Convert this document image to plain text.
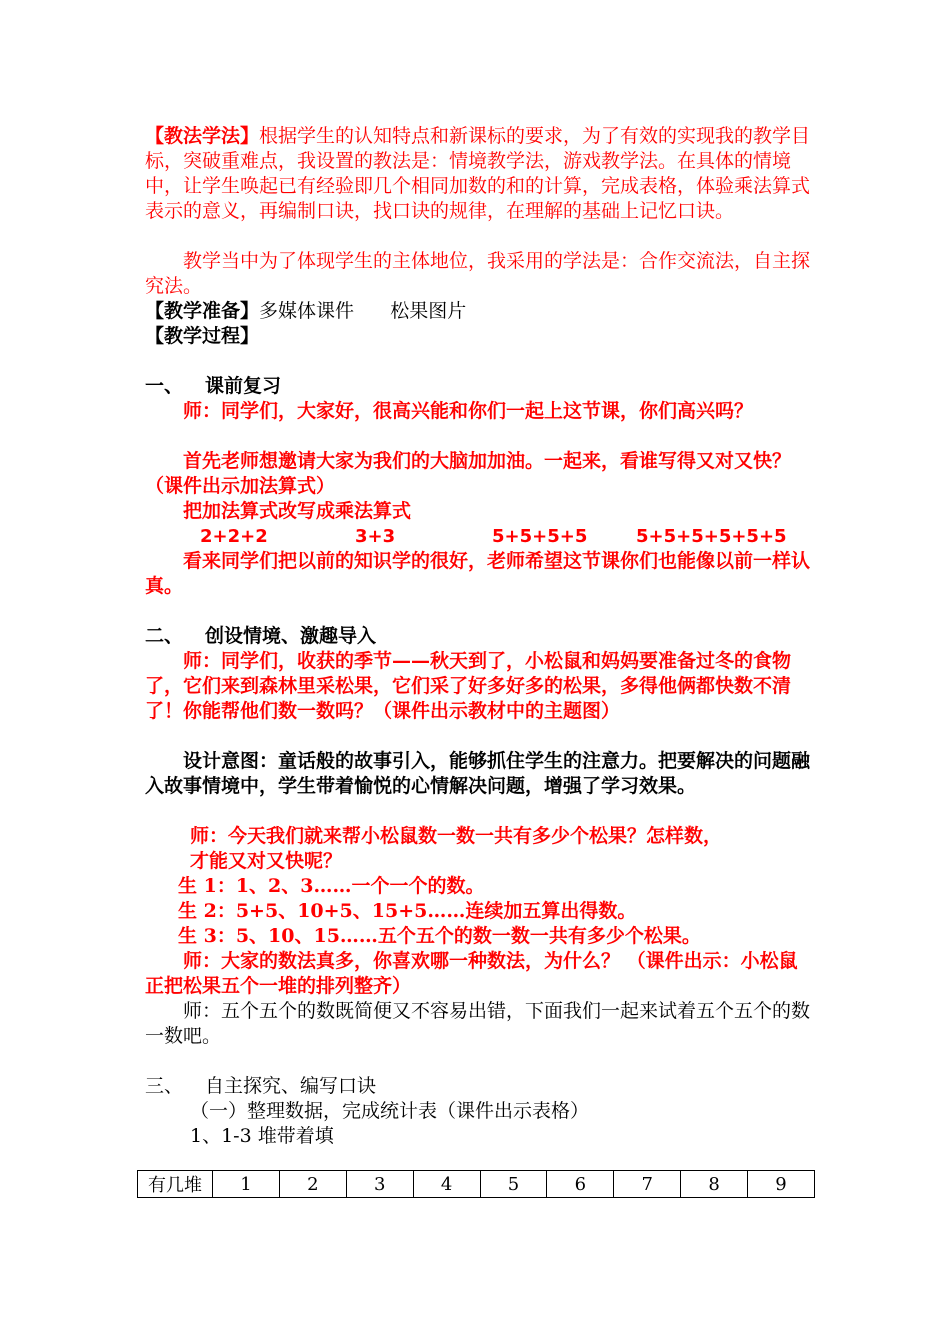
【教法学法】根据学生的认知特点和新课标的要求，为了有效的实现我的教学目标，突破重难点，我设置的教法是：情境教学法，游戏教学法。在具体的情境中，让学生唤起已有经验即几个相同加数的和的计算，完成表格，体验乘法算式表示的意义，再编制口诀，找口诀的规律，在理解的基础上记忆口诀。
教学当中为了体现学生的主体地位，我采用的学法是：合作交流法，自主探究法。
【教学准备】多媒体课件      松果图片
【教学过程】
一、 课前复习
师：同学们，大家好，很高兴能和你们一起上这节课，你们高兴吗？
首先老师想邀请大家为我们的大脑加加油。一起来，看谁写得又对又快？（课件出示加法算式）
把加法算式改写成乘法算式
2+2+2	3+3	5+5+5+5	5+5+5+5+5+5
看来同学们把以前的知识学的很好，老师希望这节课你们也能像以前一样认真。
二、 创设情境、激趣导入
师：同学们，收获的季节——秋天到了，小松鼠和妈妈要准备过冬的食物了，它们来到森林里采松果，它们采了好多好多的松果，多得他俩都快数不清了！你能帮他们数一数吗？（课件出示教材中的主题图）
设计意图：童话般的故事引入，能够抓住学生的注意力。把要解决的问题融入故事情境中，学生带着愉悦的心情解决问题，增强了学习效果。
师：今天我们就来帮小松鼠数一数一共有多少个松果？怎样数，
才能又对又快呢？
生 1：1、2、3……一个一个的数。
生 2：5+5、10+5、15+5……连续加五算出得数。
生 3：5、10、15……五个五个的数一数一共有多少个松果。
师：大家的数法真多，你喜欢哪一种数法，为什么？ （课件出示：小松鼠正把松果五个一堆的排列整齐）
师：五个五个的数既简便又不容易出错，下面我们一起来试着五个五个的数一数吧。
三、 自主探究、编写口诀
（一）整理数据，完成统计表（课件出示表格）
1、1-3 堆带着填
有几堆	1	2	3	4	5	6	7	8	9
